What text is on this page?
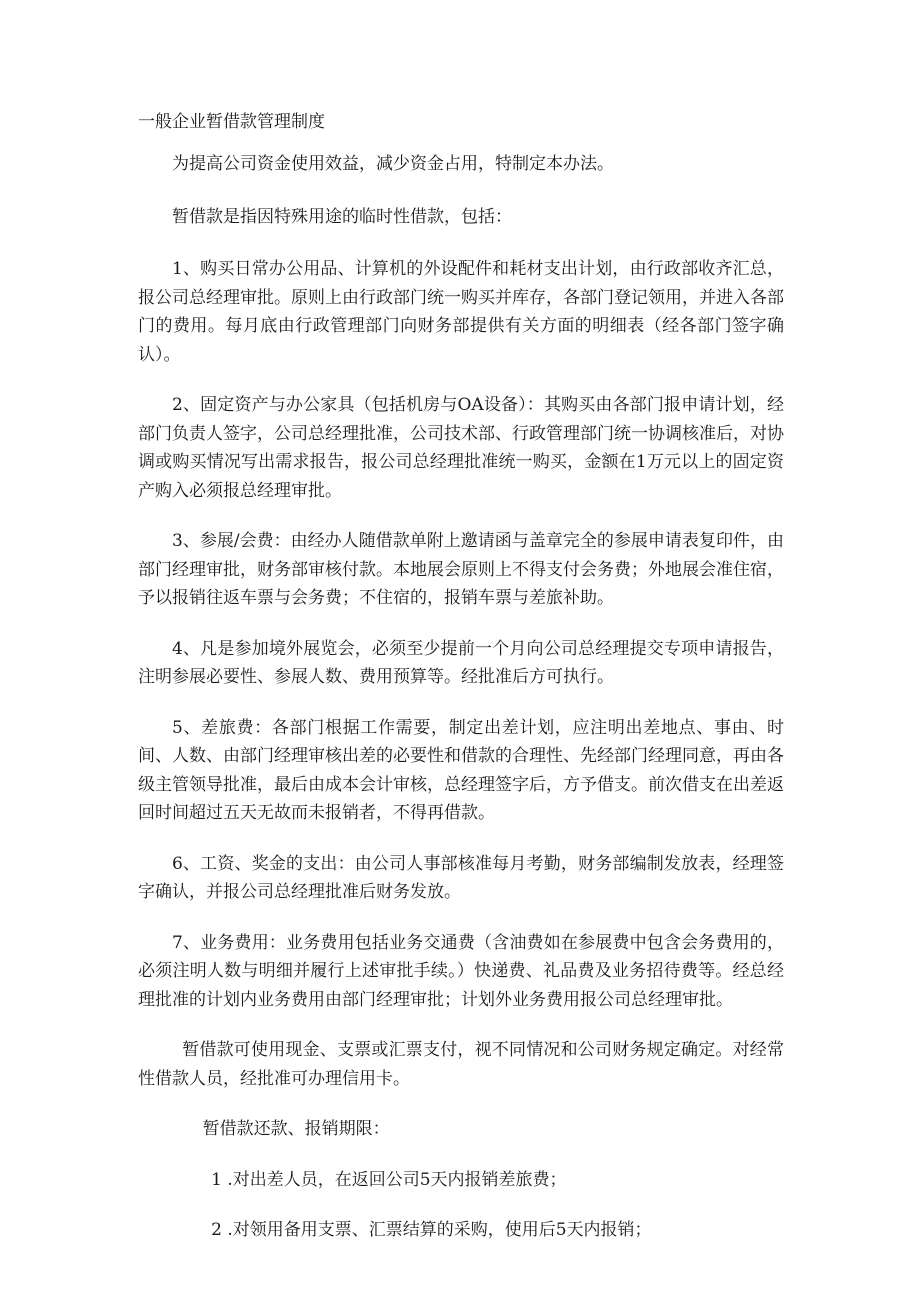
一般企业暂借款管理制度

为提高公司资金使用效益，减少资金占用，特制定本办法。

暂借款是指因特殊用途的临时性借款，包括：

1、购买日常办公用品、计算机的外设配件和耗材支出计划，由行政部收齐汇总，报公司总经理审批。原则上由行政部门统一购买并库存，各部门登记领用，并进入各部门的费用。每月底由行政管理部门向财务部提供有关方面的明细表（经各部门签字确认）。

2、固定资产与办公家具（包括机房与OA设备）：其购买由各部门报申请计划，经部门负责人签字，公司总经理批准，公司技术部、行政管理部门统一协调核准后，对协调或购买情况写出需求报告，报公司总经理批准统一购买，金额在1万元以上的固定资产购入必须报总经理审批。

3、参展/会费：由经办人随借款单附上邀请函与盖章完全的参展申请表复印件，由部门经理审批，财务部审核付款。本地展会原则上不得支付会务费；外地展会准住宿，予以报销往返车票与会务费；不住宿的，报销车票与差旅补助。

4、凡是参加境外展览会，必须至少提前一个月向公司总经理提交专项申请报告，注明参展必要性、参展人数、费用预算等。经批准后方可执行。

5、差旅费：各部门根据工作需要，制定出差计划，应注明出差地点、事由、时间、人数、由部门经理审核出差的必要性和借款的合理性、先经部门经理同意，再由各级主管领导批准，最后由成本会计审核，总经理签字后，方予借支。前次借支在出差返回时间超过五天无故而未报销者，不得再借款。

6、工资、奖金的支出：由公司人事部核准每月考勤，财务部编制发放表，经理签字确认，并报公司总经理批准后财务发放。

7、业务费用：业务费用包括业务交通费（含油费如在参展费中包含会务费用的，必须注明人数与明细并履行上述审批手续。）快递费、礼品费及业务招待费等。经总经理批准的计划内业务费用由部门经理审批；计划外业务费用报公司总经理审批。

暂借款可使用现金、支票或汇票支付，视不同情况和公司财务规定确定。对经常性借款人员，经批准可办理信用卡。

暂借款还款、报销期限：

1 .对出差人员，在返回公司5天内报销差旅费；

2 .对领用备用支票、汇票结算的采购，使用后5天内报销；
